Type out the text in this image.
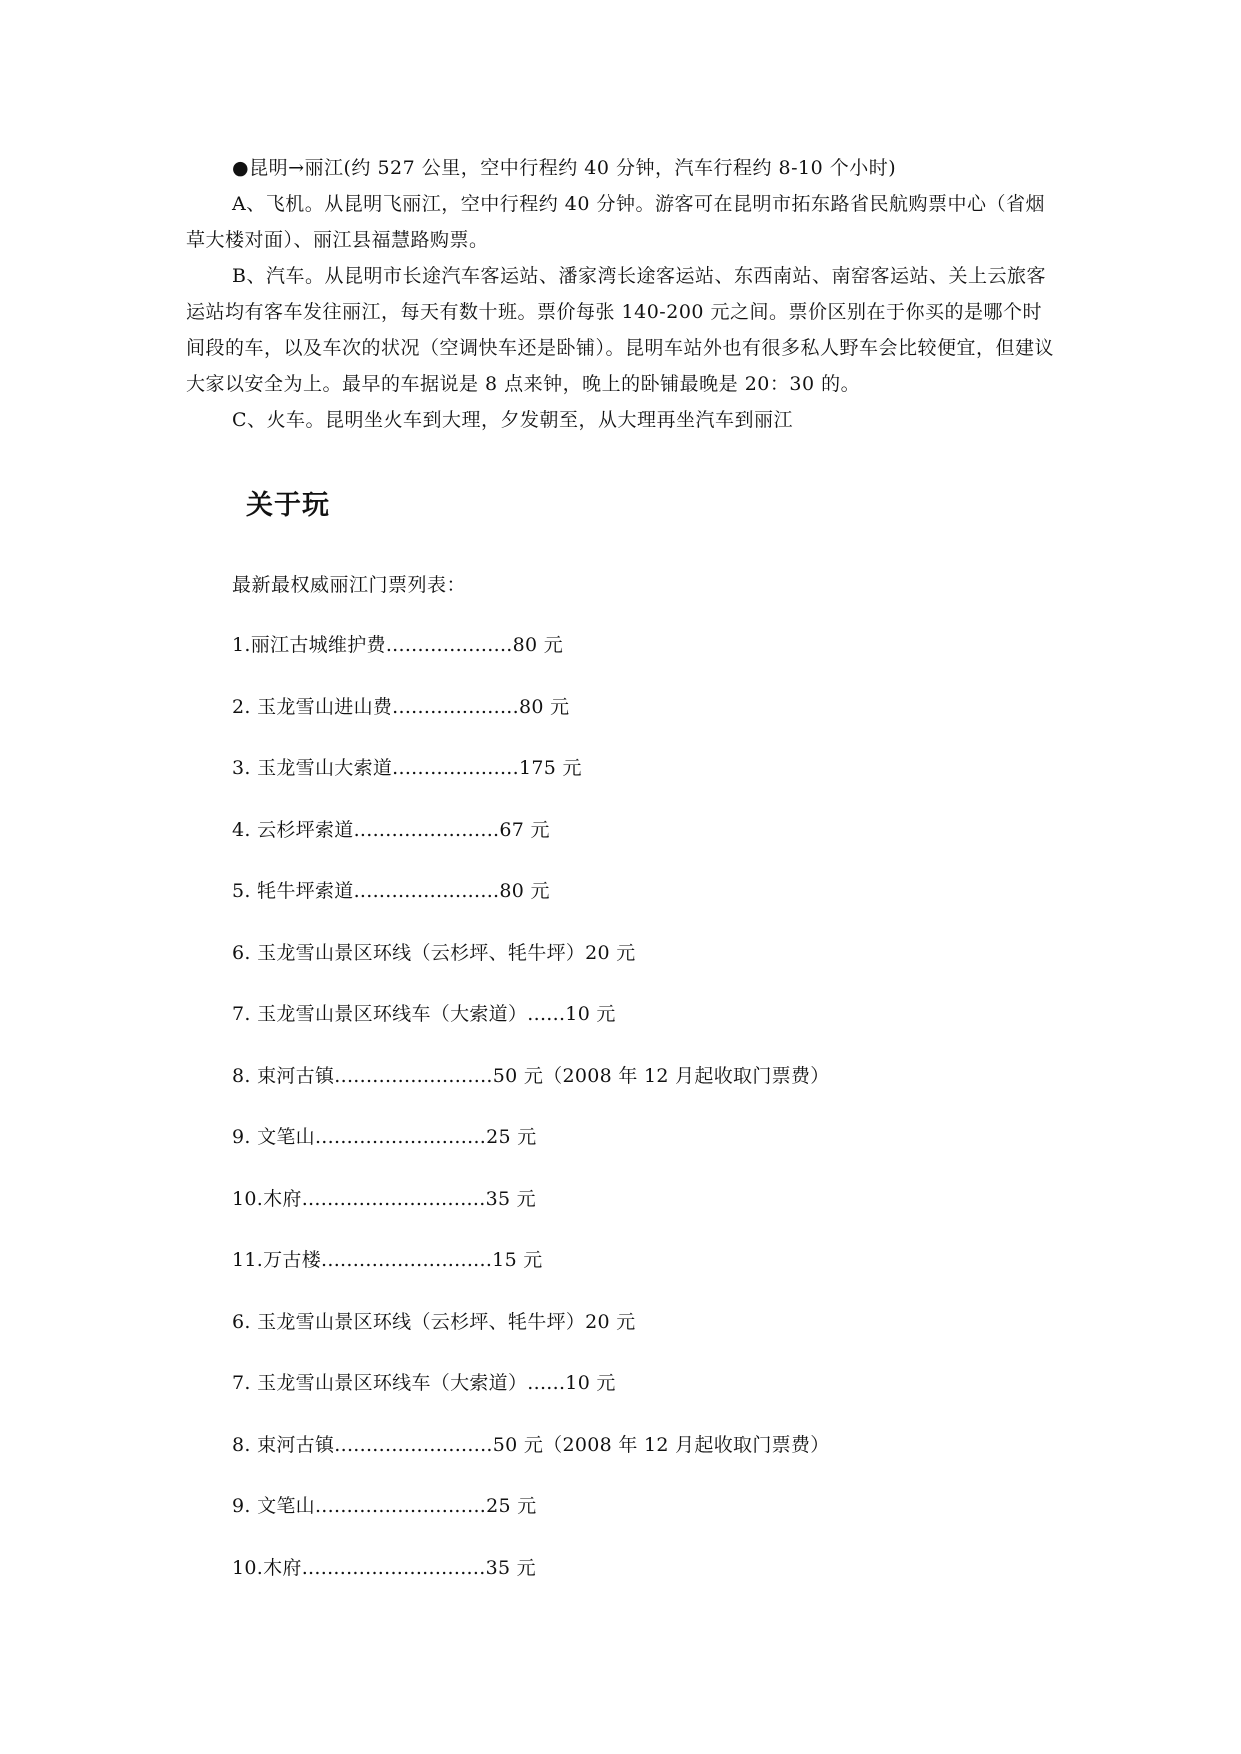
●昆明→丽江(约 527 公里，空中行程约 40 分钟，汽车行程约 8-10 个小时)

A、飞机。从昆明飞丽江，空中行程约 40 分钟。游客可在昆明市拓东路省民航购票中心（省烟草大楼对面）、丽江县福慧路购票。

B、汽车。从昆明市长途汽车客运站、潘家湾长途客运站、东西南站、南窑客运站、关上云旅客运站均有客车发往丽江，每天有数十班。票价每张 140-200 元之间。票价区别在于你买的是哪个时间段的车，以及车次的状况（空调快车还是卧铺）。昆明车站外也有很多私人野车会比较便宜，但建议大家以安全为上。最早的车据说是 8 点来钟，晚上的卧铺最晚是 20：30 的。

C、火车。昆明坐火车到大理，夕发朝至，从大理再坐汽车到丽江

关于玩

最新最权威丽江门票列表：

1.丽江古城维护费....................80 元
2. 玉龙雪山进山费....................80 元
3. 玉龙雪山大索道....................175 元
4. 云杉坪索道.......................67 元
5. 牦牛坪索道.......................80 元
6. 玉龙雪山景区环线（云杉坪、牦牛坪）20 元
7. 玉龙雪山景区环线车（大索道）......10 元
8. 束河古镇.........................50 元（2008 年 12 月起收取门票费）
9. 文笔山...........................25 元
10.木府.............................35 元
11.万古楼...........................15 元
6. 玉龙雪山景区环线（云杉坪、牦牛坪）20 元
7. 玉龙雪山景区环线车（大索道）......10 元
8. 束河古镇.........................50 元（2008 年 12 月起收取门票费）
9. 文笔山...........................25 元
10.木府.............................35 元
